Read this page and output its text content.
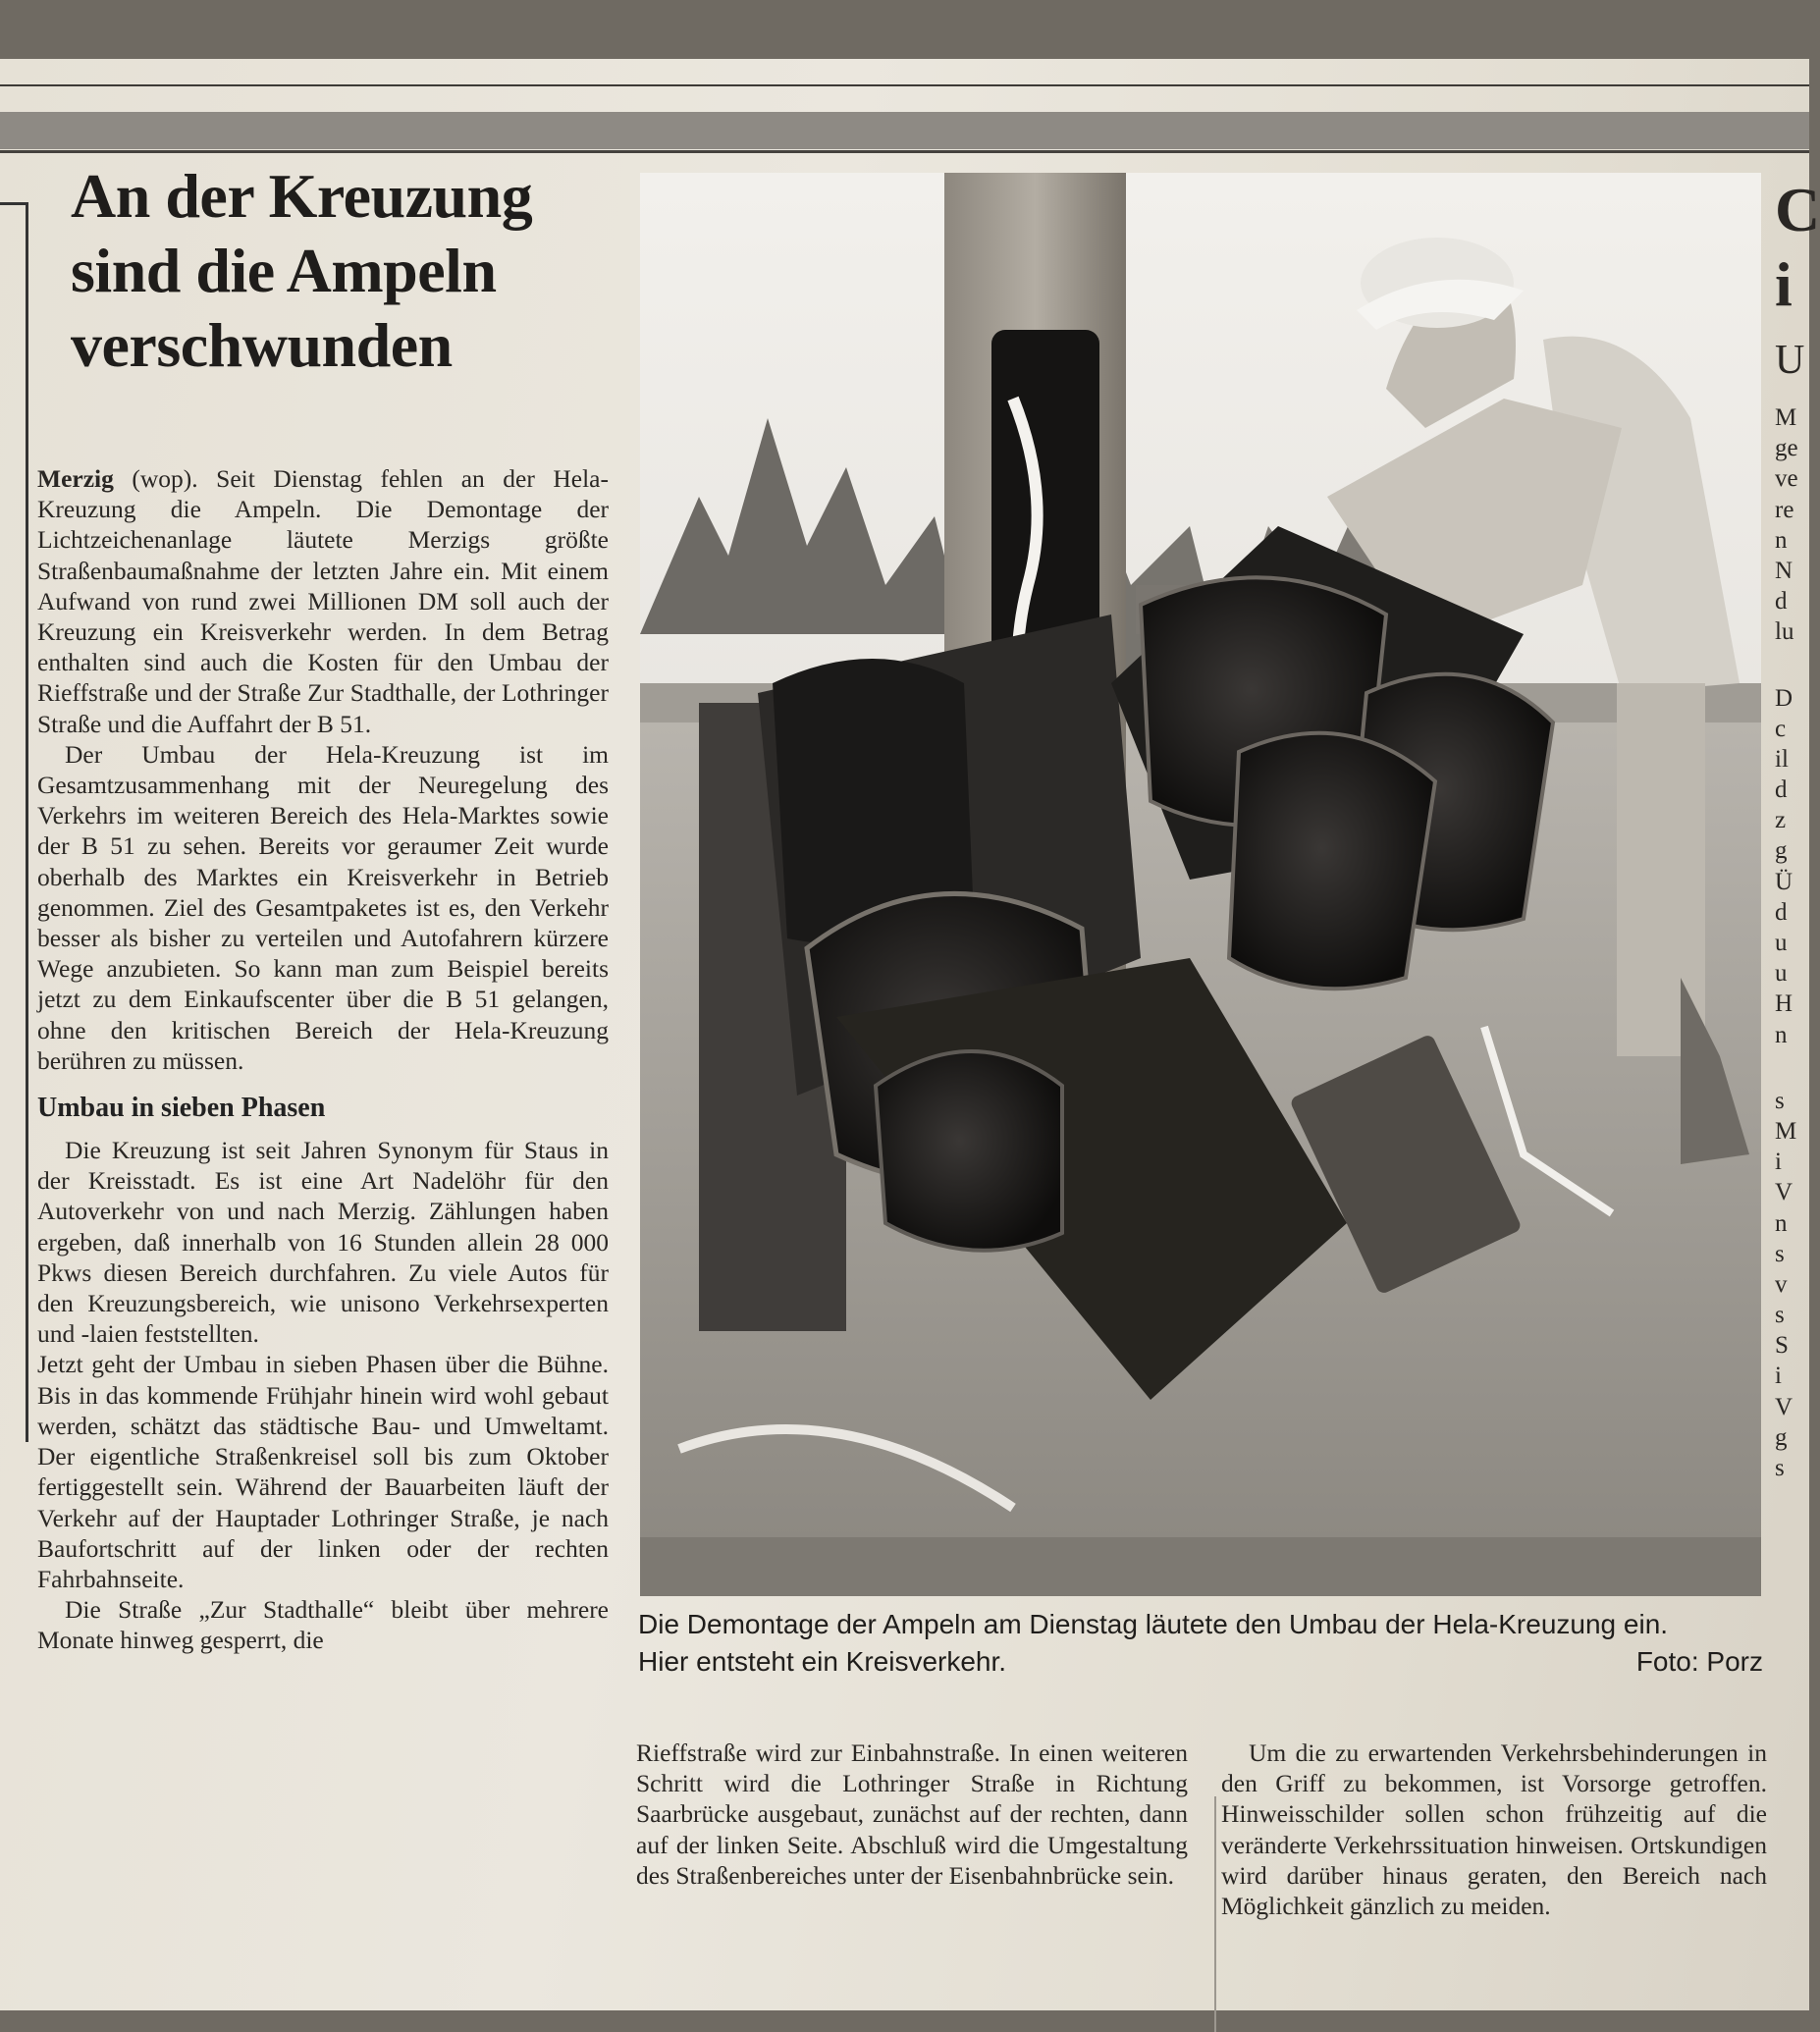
An der Kreuzung
sind die Ampeln
verschwunden

Merzig (wop). Seit Dienstag fehlen an der Hela-Kreuzung die Ampeln. Die Demontage der Lichtzeichenanlage läutete Merzigs größte Straßenbaumaßnahme der letzten Jahre ein. Mit einem Aufwand von rund zwei Millionen DM soll auch der Kreuzung ein Kreisverkehr werden. In dem Betrag enthalten sind auch die Kosten für den Umbau der Rieffstraße und der Straße Zur Stadthalle, der Lothringer Straße und die Auffahrt der B 51.

Der Umbau der Hela-Kreuzung ist im Gesamtzusammenhang mit der Neuregelung des Verkehrs im weiteren Bereich des Hela-Marktes sowie der B 51 zu sehen. Bereits vor geraumer Zeit wurde oberhalb des Marktes ein Kreisverkehr in Betrieb genommen. Ziel des Gesamtpaketes ist es, den Verkehr besser als bisher zu verteilen und Autofahrern kürzere Wege anzubieten. So kann man zum Beispiel bereits jetzt zu dem Einkaufscenter über die B 51 gelangen, ohne den kritischen Bereich der Hela-Kreuzung berühren zu müssen.

Umbau in sieben Phasen

Die Kreuzung ist seit Jahren Synonym für Staus in der Kreisstadt. Es ist eine Art Nadelöhr für den Autoverkehr von und nach Merzig. Zählungen haben ergeben, daß innerhalb von 16 Stunden allein 28 000 Pkws diesen Bereich durchfahren. Zu viele Autos für den Kreuzungsbereich, wie unisono Verkehrsexperten und -laien feststellten.

Jetzt geht der Umbau in sieben Phasen über die Bühne. Bis in das kommende Frühjahr hinein wird wohl gebaut werden, schätzt das städtische Bau- und Umweltamt. Der eigentliche Straßenkreisel soll bis zum Oktober fertiggestellt sein. Während der Bauarbeiten läuft der Verkehr auf der Hauptader Lothringer Straße, je nach Baufortschritt auf der linken oder der rechten Fahrbahnseite.

Die Straße „Zur Stadthalle“ bleibt über mehrere Monate hinweg gesperrt, die

Die Demontage der Ampeln am Dienstag läutete den Umbau der Hela-Kreuzung ein.
Hier entsteht ein Kreisverkehr.	Foto: Porz

Rieffstraße wird zur Einbahnstraße. In einen weiteren Schritt wird die Lothringer Straße in Richtung Saarbrücke ausgebaut, zunächst auf der rechten, dann auf der linken Seite. Abschluß wird die Umgestaltung des Straßenbereiches unter der Eisenbahnbrücke sein.

Um die zu erwartenden Verkehrsbehinderungen in den Griff zu bekommen, ist Vorsorge getroffen. Hinweisschilder sollen schon frühzeitig auf die veränderte Verkehrssituation hinweisen. Ortskundigen wird darüber hinaus geraten, den Bereich nach Möglichkeit gänzlich zu meiden.

C
i
U
M
ge
ve
re
n
N
d
lu
D
c
il
d
z
g
Ü
d
u
u
H
n
s
M
i
V
n
s
v
s
S
i
V
g
s
